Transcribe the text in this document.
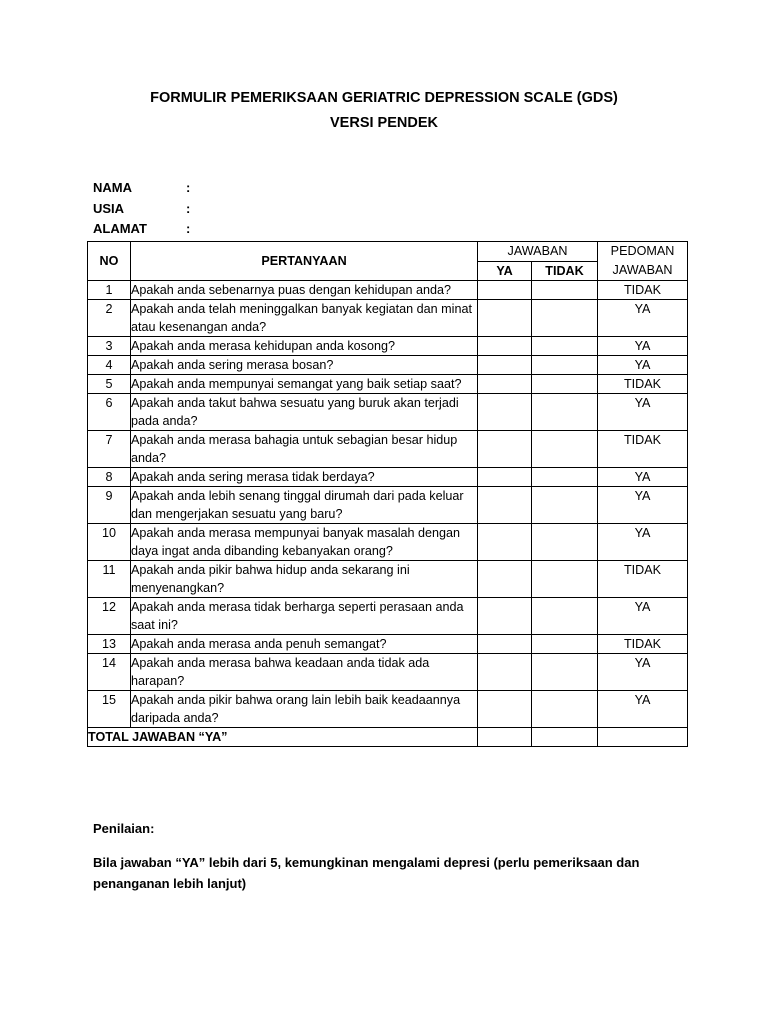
FORMULIR PEMERIKSAAN GERIATRIC DEPRESSION SCALE (GDS)
VERSI PENDEK
NAMA	:
USIA	:
ALAMAT	:
NO	PERTANYAAN	JAWABAN		PEDOMAN JAWABAN
		YA	TIDAK	
1	Apakah anda sebenarnya puas dengan kehidupan anda?			TIDAK
2	Apakah anda telah meninggalkan banyak kegiatan dan minat atau kesenangan anda?			YA
3	Apakah anda merasa kehidupan anda kosong?			YA
4	Apakah anda sering merasa bosan?			YA
5	Apakah anda mempunyai semangat yang baik setiap saat?			TIDAK
6	Apakah anda takut bahwa sesuatu yang buruk akan terjadi pada anda?			YA
7	Apakah anda merasa bahagia untuk sebagian besar hidup anda?			TIDAK
8	Apakah anda sering merasa tidak berdaya?			YA
9	Apakah anda lebih senang tinggal dirumah dari pada keluar dan mengerjakan sesuatu yang baru?			YA
10	Apakah anda merasa mempunyai banyak masalah dengan daya ingat anda dibanding kebanyakan orang?			YA
11	Apakah anda pikir bahwa hidup anda sekarang ini menyenangkan?			TIDAK
12	Apakah anda merasa tidak berharga seperti perasaan anda saat ini?			YA
13	Apakah anda merasa anda penuh semangat?			TIDAK
14	Apakah anda merasa bahwa keadaan anda tidak ada harapan?			YA
15	Apakah anda pikir bahwa orang lain lebih baik keadaannya daripada anda?			YA
TOTAL JAWABAN “YA”				
Penilaian:
Bila jawaban “YA” lebih dari 5, kemungkinan mengalami depresi (perlu pemeriksaan dan penanganan lebih lanjut)
